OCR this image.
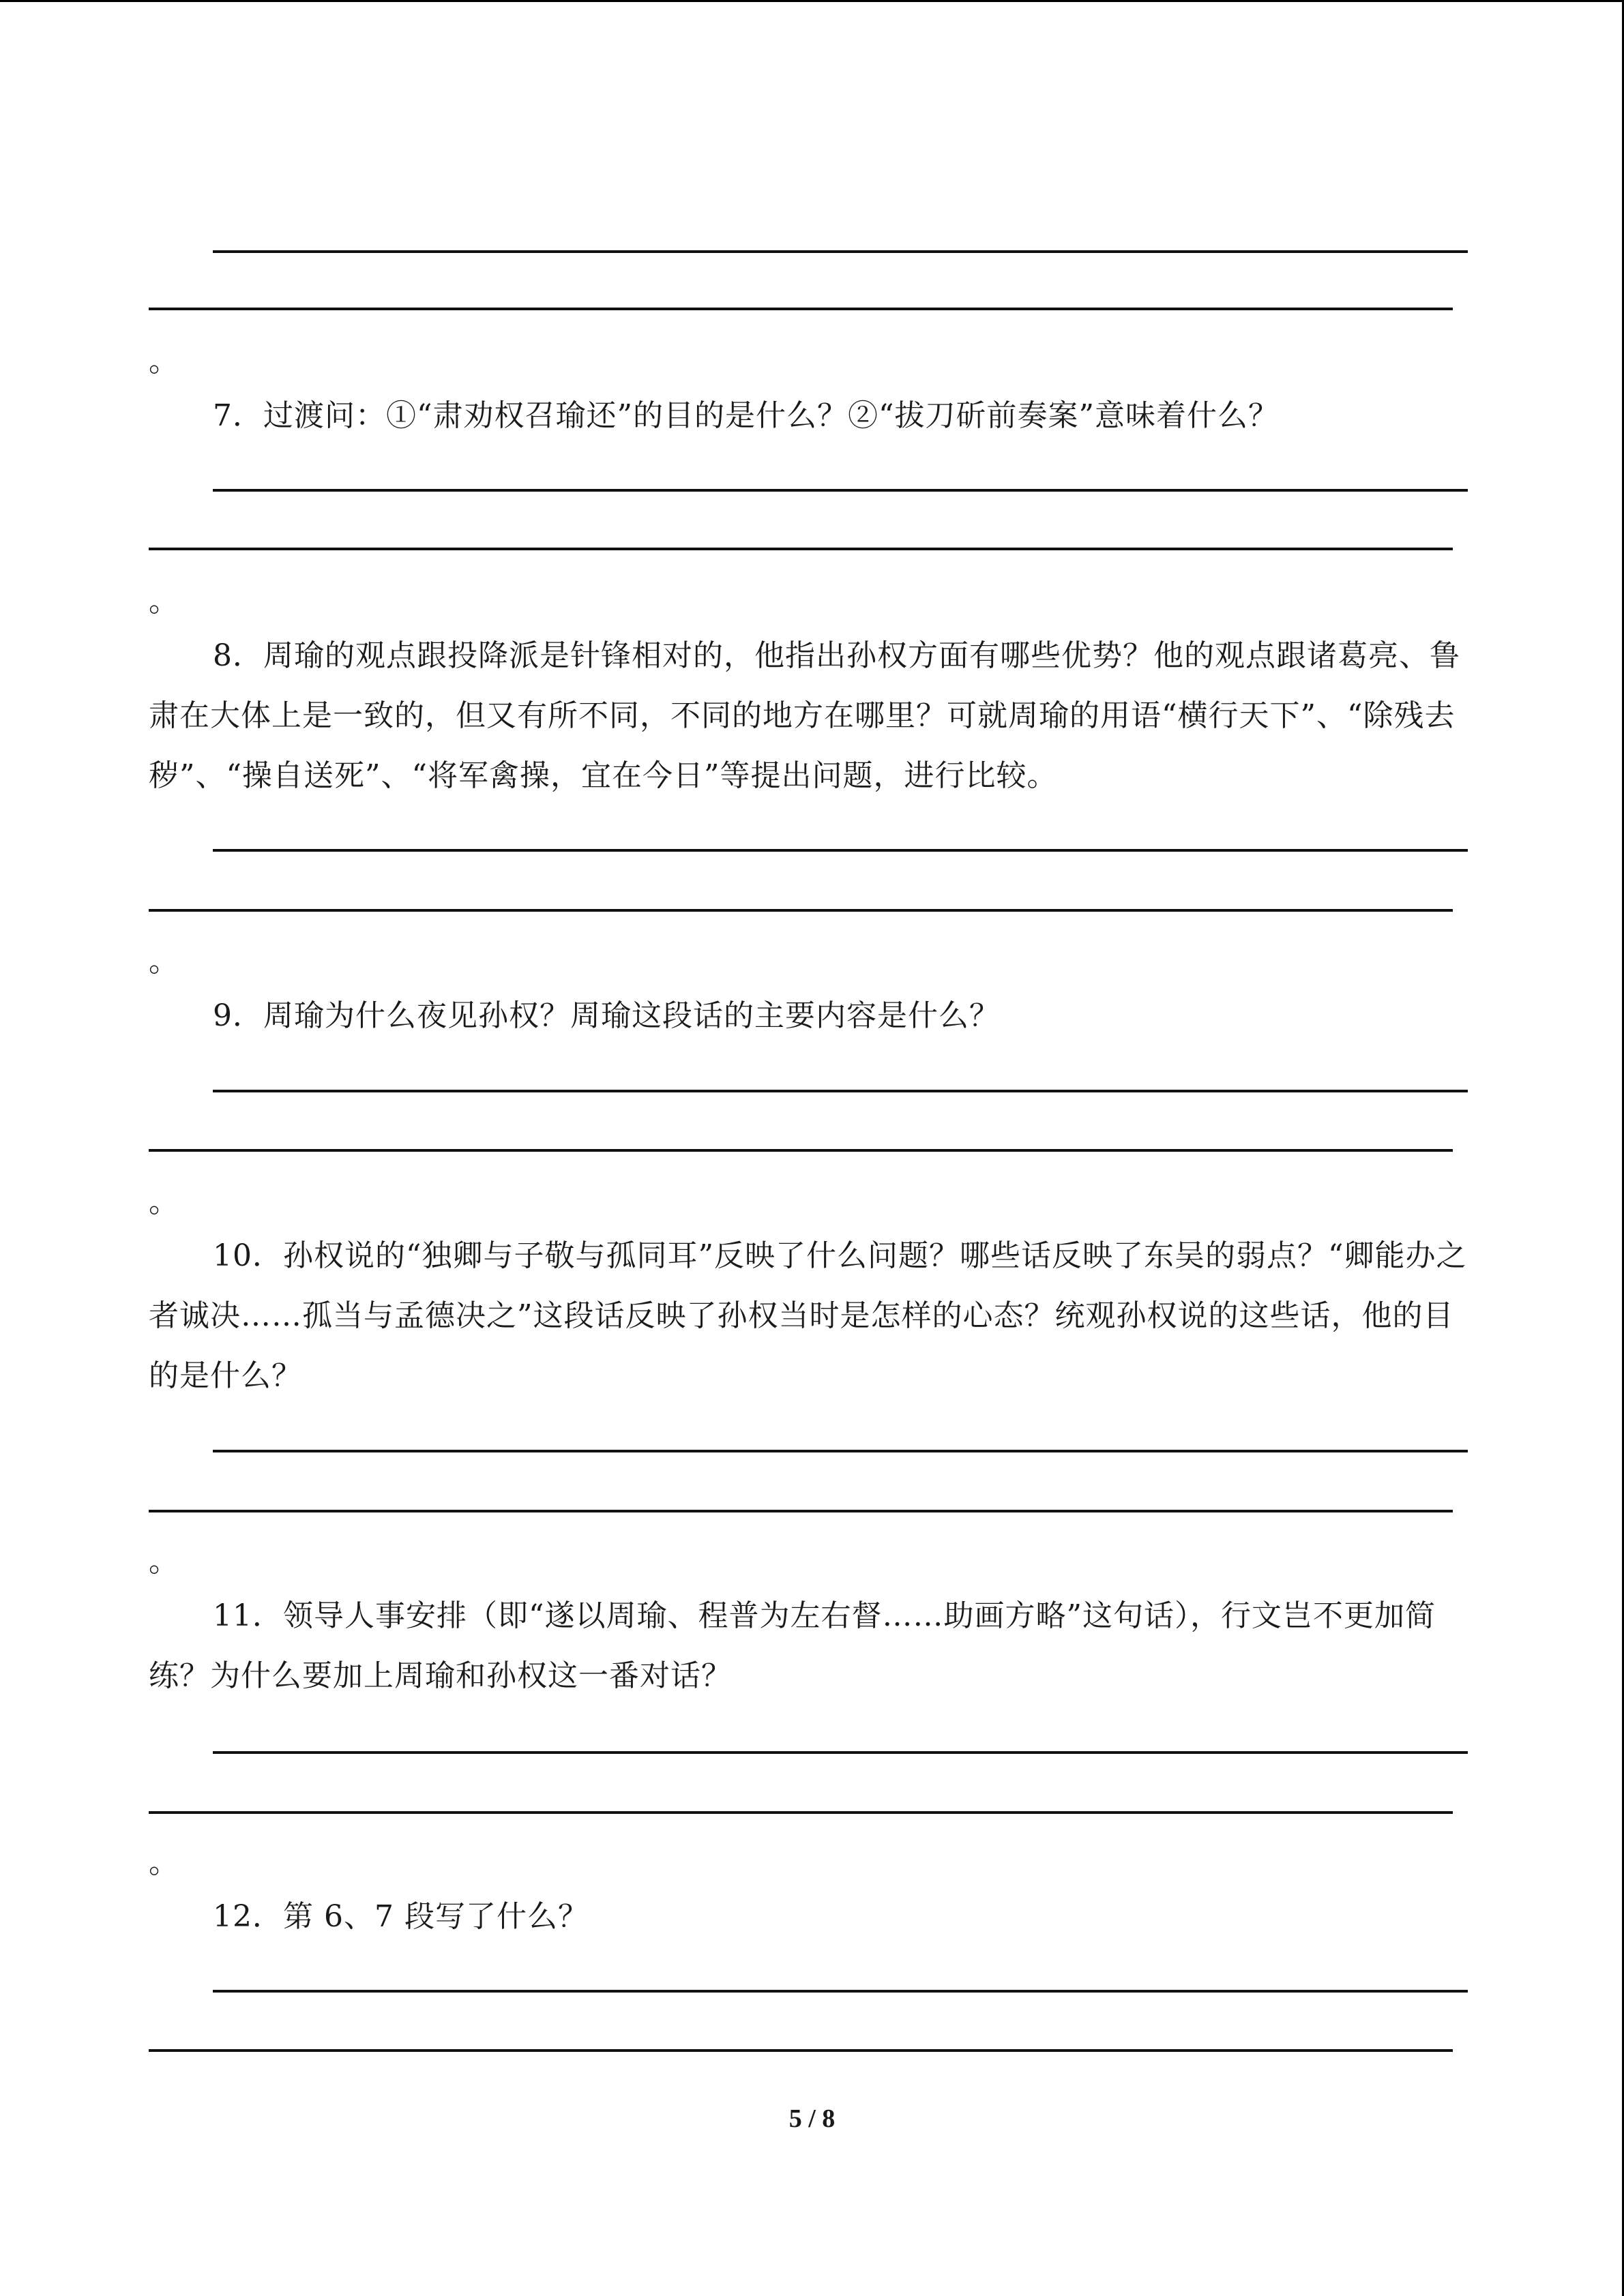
。

7．过渡问：①“肃劝权召瑜还”的目的是什么？②“拔刀斫前奏案”意味着什么？

。

8．周瑜的观点跟投降派是针锋相对的，他指出孙权方面有哪些优势？他的观点跟诸葛亮、鲁肃在大体上是一致的，但又有所不同，不同的地方在哪里？可就周瑜的用语“横行天下”、“除残去秽”、“操自送死”、“将军禽操，宜在今日”等提出问题，进行比较。

。

9．周瑜为什么夜见孙权？周瑜这段话的主要内容是什么？

。

10．孙权说的“独卿与子敬与孤同耳”反映了什么问题？哪些话反映了东吴的弱点？“卿能办之者诚决……孤当与孟德决之”这段话反映了孙权当时是怎样的心态？统观孙权说的这些话，他的目的是什么？

。

11．领导人事安排（即“遂以周瑜、程普为左右督……助画方略”这句话），行文岂不更加简练？为什么要加上周瑜和孙权这一番对话？

。

12．第 6、7 段写了什么？

5 / 8
